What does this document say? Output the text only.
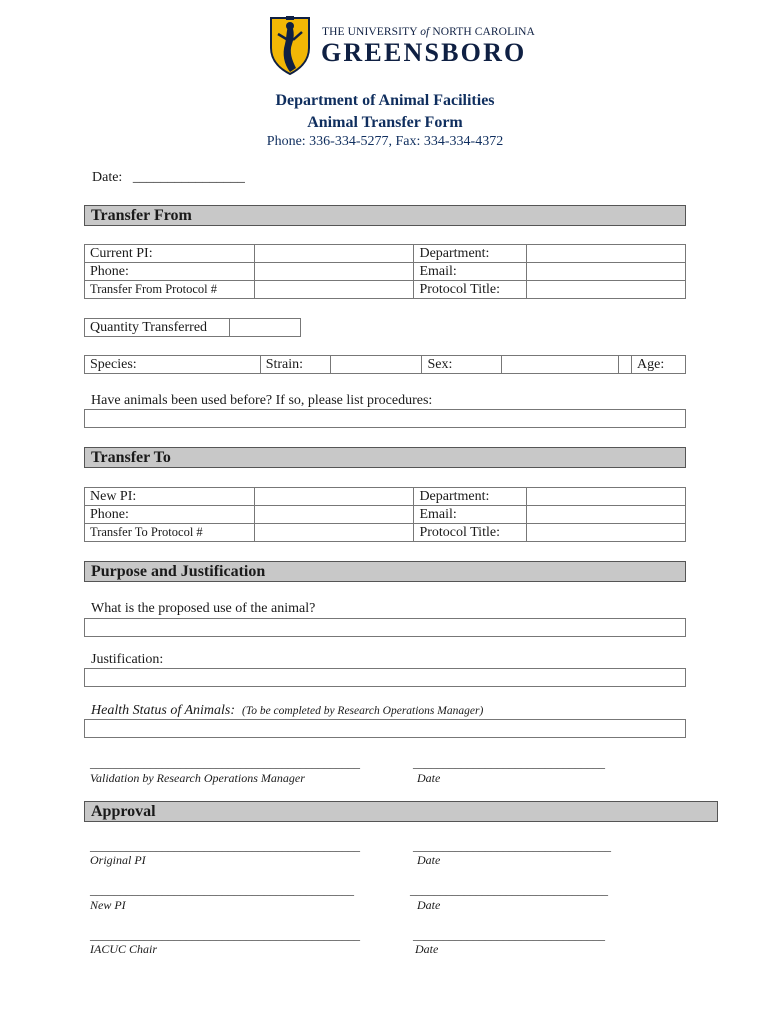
THE UNIVERSITY of NORTH CAROLINA
GREENSBORO
Department of Animal Facilities
Animal Transfer Form
Phone: 336-334-5277, Fax: 334-334-4372
Date: ________________
Transfer From
Current PI:		Department:	
Phone:		Email:	
Transfer From Protocol #		Protocol Title:	
Quantity Transferred	
Species:	Strain:		Sex:		Age:
Have animals been used before? If so, please list procedures:
Transfer To
New PI:		Department:	
Phone:		Email:	
Transfer To Protocol #		Protocol Title:	
Purpose and Justification
What is the proposed use of the animal?
Justification:
Health Status of Animals: (To be completed by Research Operations Manager)
_____________________________________________	________________________________
Validation by Research Operations Manager	Date
Approval
_____________________________________________	_________________________________
Original PI	Date
____________________________________________	_________________________________
New PI	Date
_____________________________________________	________________________________
IACUC Chair	Date
